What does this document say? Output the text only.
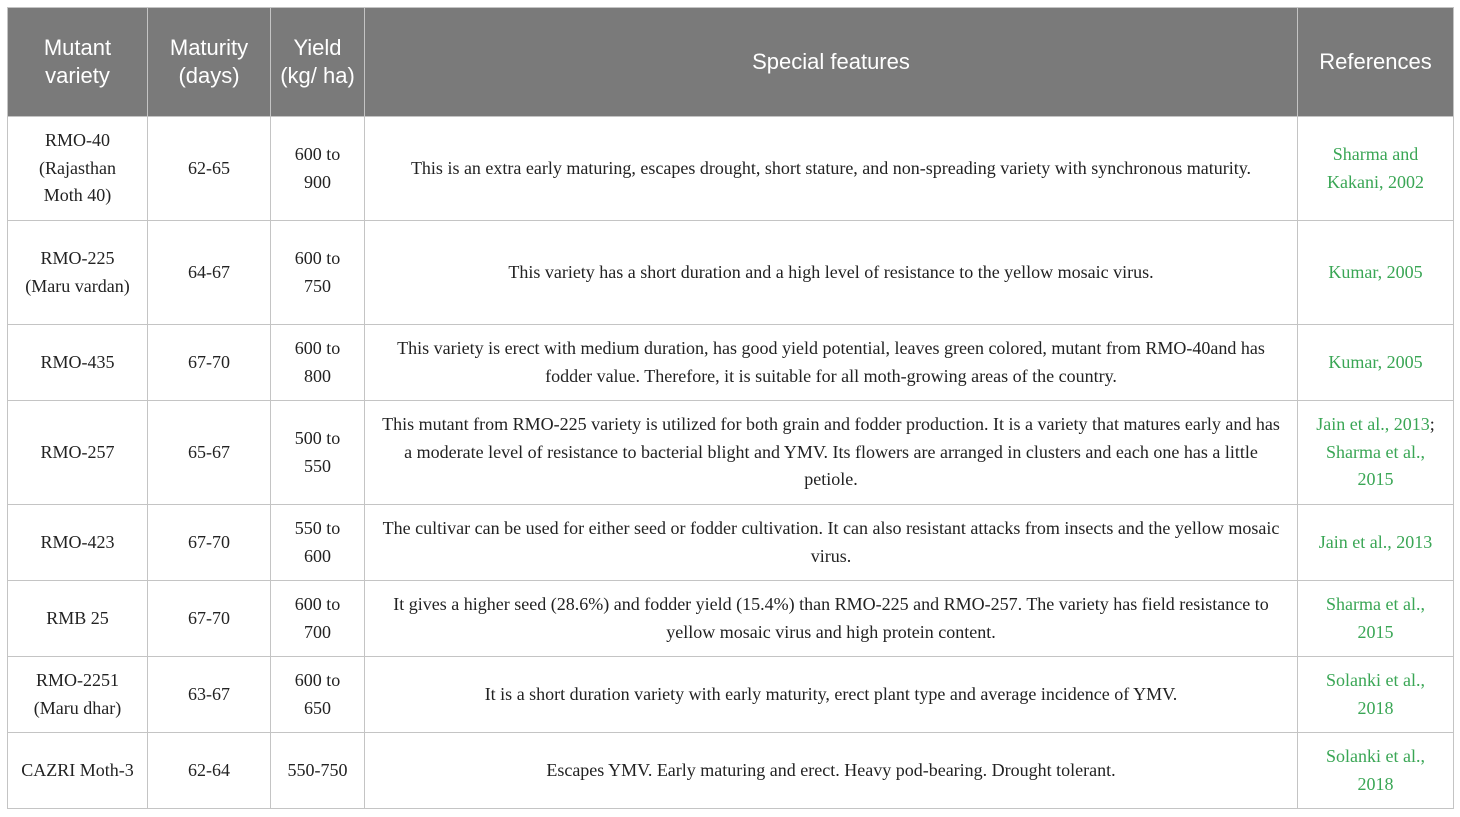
Mutant variety	Maturity (days)	Yield (kg/ ha)	Special features	References
RMO-40 (Rajasthan Moth 40)	62-65	600 to 900	This is an extra early maturing, escapes drought, short stature, and non-spreading variety with synchronous maturity.	Sharma and Kakani, 2002
RMO-225 (Maru vardan)	64-67	600 to 750	This variety has a short duration and a high level of resistance to the yellow mosaic virus.	Kumar, 2005
RMO-435	67-70	600 to 800	This variety is erect with medium duration, has good yield potential, leaves green colored, mutant from RMO-40and has fodder value. Therefore, it is suitable for all moth-growing areas of the country.	Kumar, 2005
RMO-257	65-67	500 to 550	This mutant from RMO-225 variety is utilized for both grain and fodder production. It is a variety that matures early and has a moderate level of resistance to bacterial blight and YMV. Its flowers are arranged in clusters and each one has a little petiole.	Jain et al., 2013; Sharma et al., 2015
RMO-423	67-70	550 to 600	The cultivar can be used for either seed or fodder cultivation. It can also resistant attacks from insects and the yellow mosaic virus.	Jain et al., 2013
RMB 25	67-70	600 to 700	It gives a higher seed (28.6%) and fodder yield (15.4%) than RMO-225 and RMO-257. The variety has field resistance to yellow mosaic virus and high protein content.	Sharma et al., 2015
RMO-2251 (Maru dhar)	63-67	600 to 650	It is a short duration variety with early maturity, erect plant type and average incidence of YMV.	Solanki et al., 2018
CAZRI Moth-3	62-64	550-750	Escapes YMV. Early maturing and erect. Heavy pod-bearing. Drought tolerant.	Solanki et al., 2018
